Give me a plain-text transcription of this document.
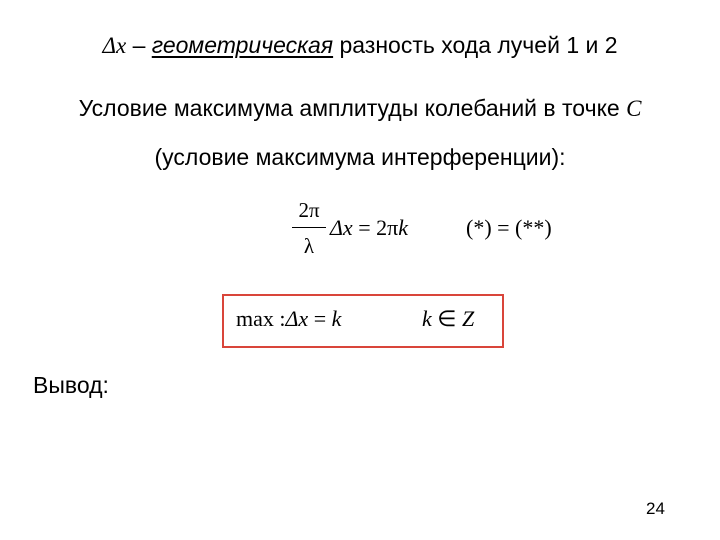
Δx – геометрическая разность хода лучей 1 и 2
Условие максимума амплитуды колебаний в точке C
(условие максимума интерференции):
2π
λ
Δx = 2πk	(*) = (**)
max :Δx = k	k ∈ Z
Вывод:
24
